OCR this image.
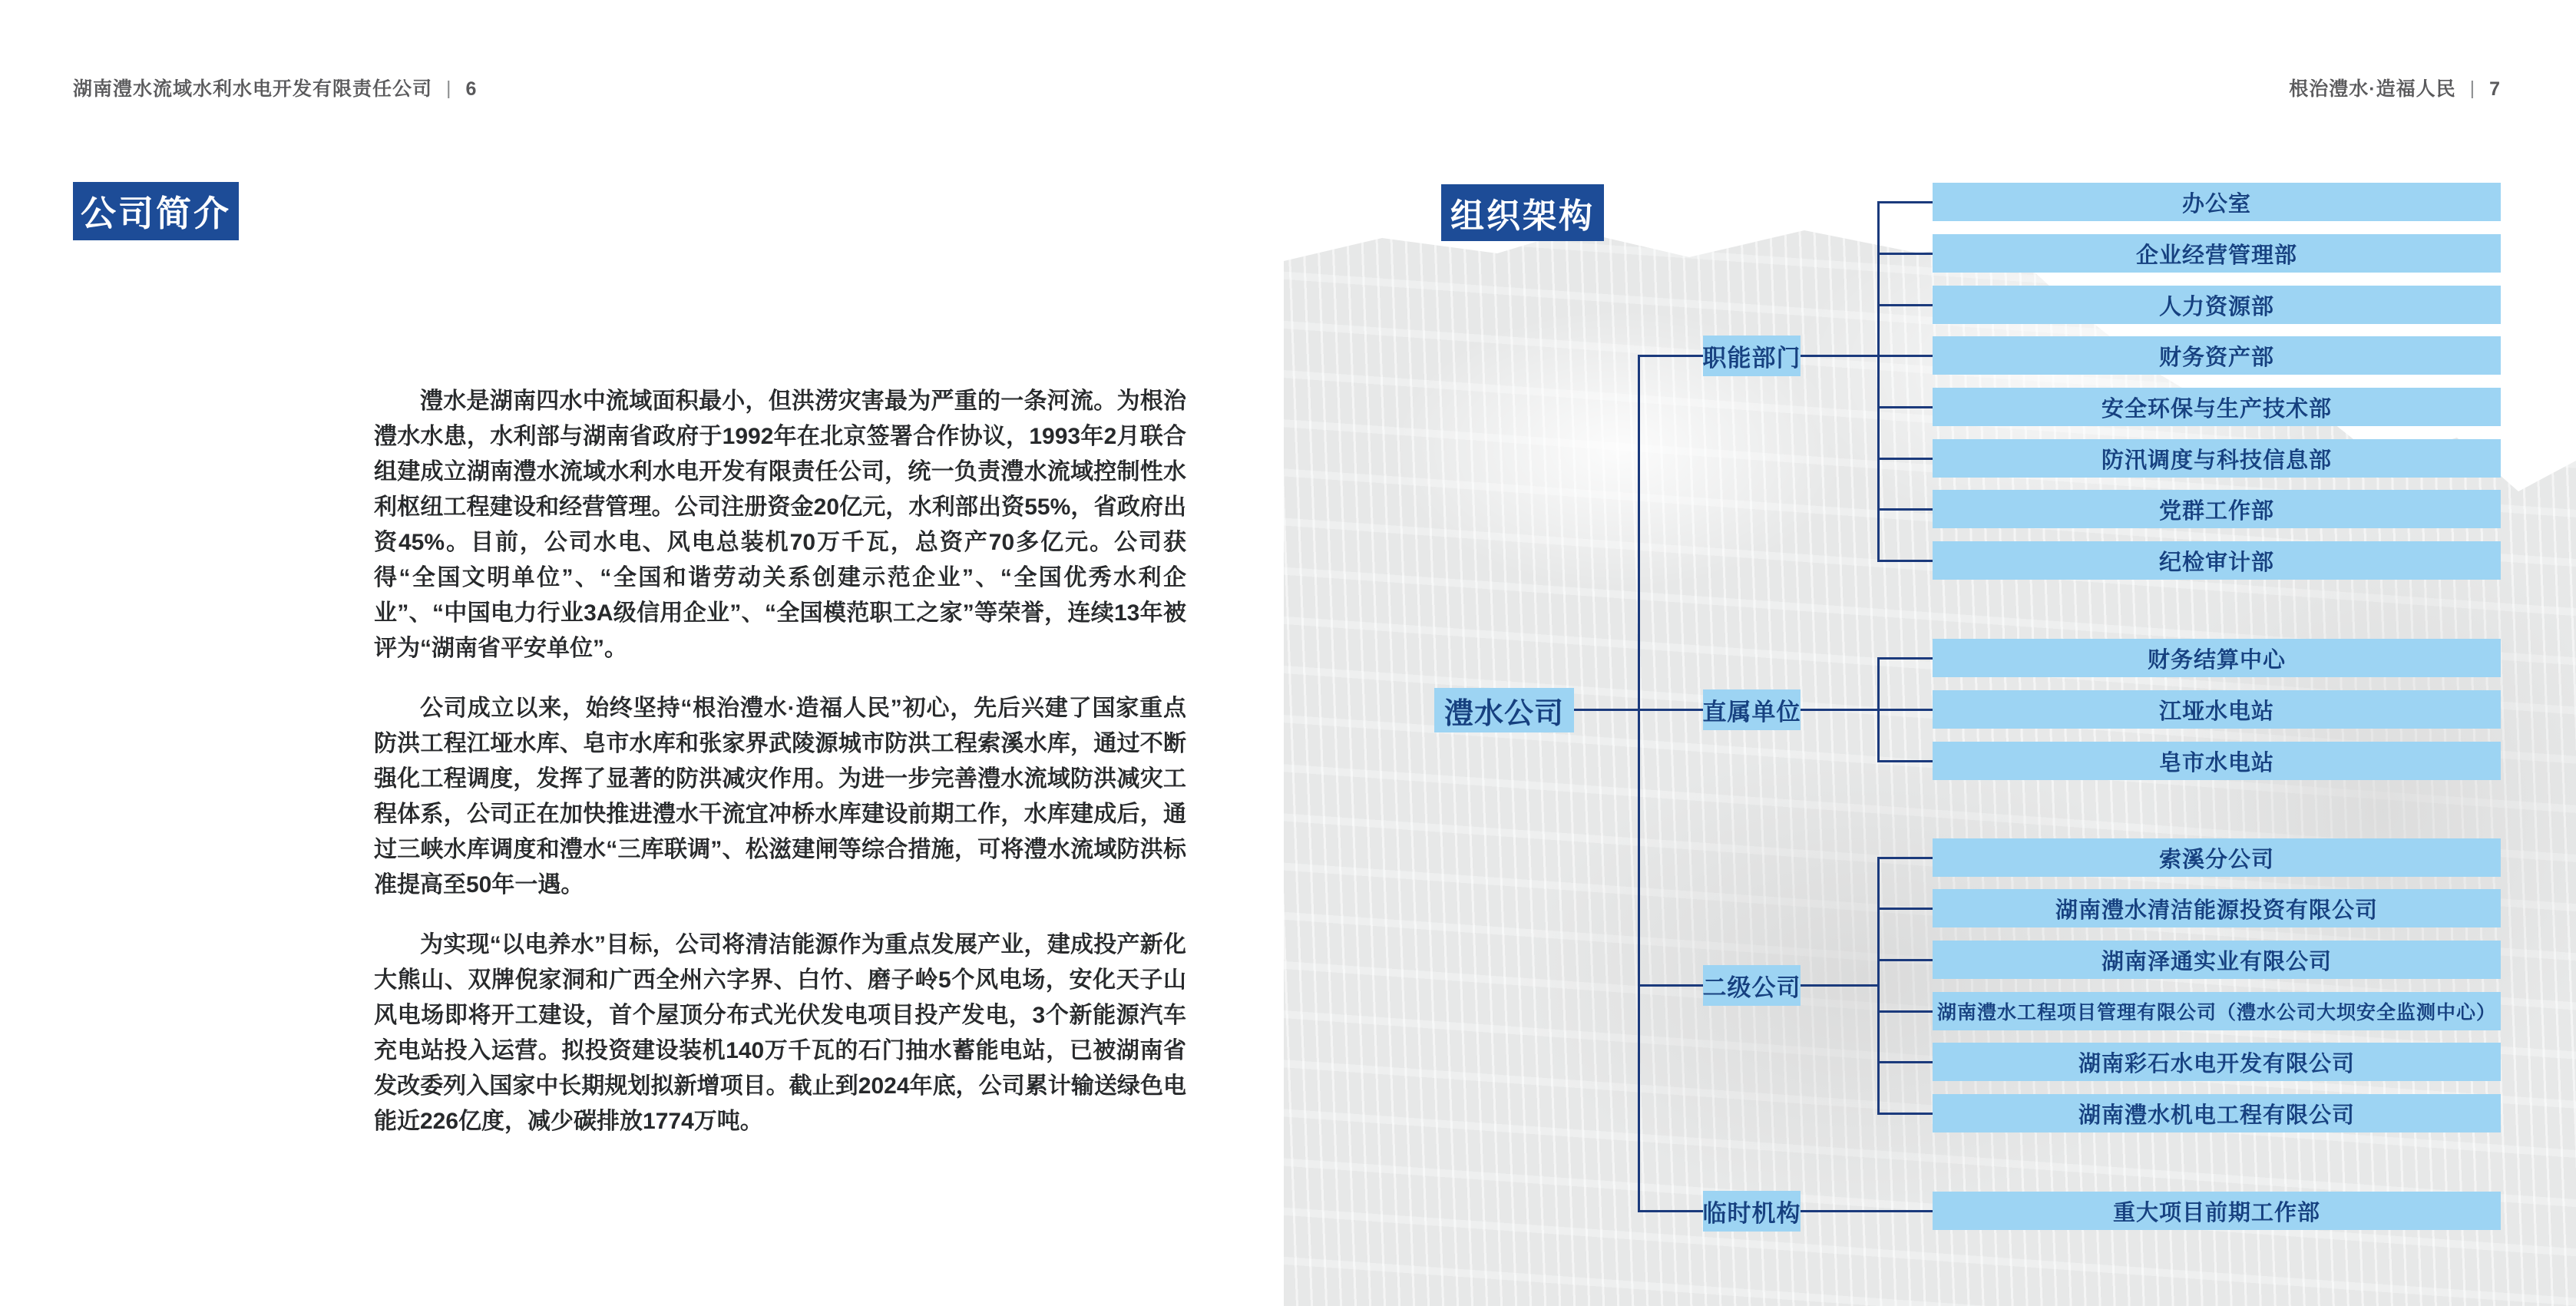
湖南澧水流域水利水电开发有限责任公司 | 6
公司简介

澧水是湖南四水中流域面积最小，但洪涝灾害最为严重的一条河流。为根治澧水水患，水利部与湖南省政府于1992年在北京签署合作协议，1993年2月联合组建成立湖南澧水流域水利水电开发有限责任公司，统一负责澧水流域控制性水利枢纽工程建设和经营管理。公司注册资金20亿元，水利部出资55%，省政府出资45%。目前，公司水电、风电总装机70万千瓦，总资产70多亿元。公司获得“全国文明单位”、“全国和谐劳动关系创建示范企业”、“全国优秀水利企业”、“中国电力行业3A级信用企业”、“全国模范职工之家”等荣誉，连续13年被评为“湖南省平安单位”。

公司成立以来，始终坚持“根治澧水·造福人民”初心，先后兴建了国家重点防洪工程江垭水库、皂市水库和张家界武陵源城市防洪工程索溪水库，通过不断强化工程调度，发挥了显著的防洪减灾作用。为进一步完善澧水流域防洪减灾工程体系，公司正在加快推进澧水干流宜冲桥水库建设前期工作，水库建成后，通过三峡水库调度和澧水“三库联调”、松滋建闸等综合措施，可将澧水流域防洪标准提高至50年一遇。

为实现“以电养水”目标，公司将清洁能源作为重点发展产业，建成投产新化大熊山、双牌倪家洞和广西全州六字界、白竹、磨子岭5个风电场，安化天子山风电场即将开工建设，首个屋顶分布式光伏发电项目投产发电，3个新能源汽车充电站投入运营。拟投资建设装机140万千瓦的石门抽水蓄能电站，已被湖南省发改委列入国家中长期规划拟新增项目。截止到2024年底，公司累计输送绿色电能近226亿度，减少碳排放1774万吨。

根治澧水·造福人民 | 7
组织架构
澧水公司
职能部门
办公室
企业经营管理部
人力资源部
财务资产部
安全环保与生产技术部
防汛调度与科技信息部
党群工作部
纪检审计部
直属单位
财务结算中心
江垭水电站
皂市水电站
二级公司
索溪分公司
湖南澧水清洁能源投资有限公司
湖南泽通实业有限公司
湖南澧水工程项目管理有限公司（澧水公司大坝安全监测中心）
湖南彩石水电开发有限公司
湖南澧水机电工程有限公司
临时机构	重大项目前期工作部
